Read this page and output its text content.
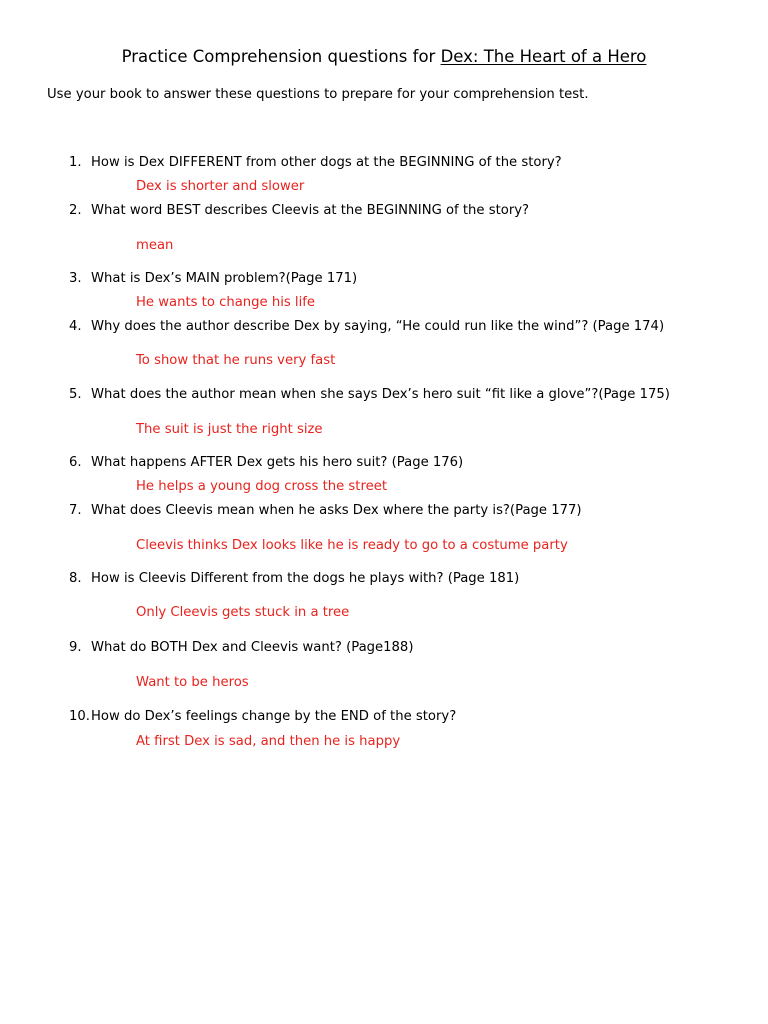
Practice Comprehension questions for Dex: The Heart of a Hero
Use your book to answer these questions to prepare for your comprehension test.
1. How is Dex DIFFERENT from other dogs at the BEGINNING of the story?
Dex is shorter and slower
2. What word BEST describes Cleevis at the BEGINNING of the story?
mean
3. What is Dex’s MAIN problem?(Page 171)
He wants to change his life
4. Why does the author describe Dex by saying, “He could run like the wind”? (Page 174)
To show that he runs very fast
5. What does the author mean when she says Dex’s hero suit “fit like a glove”?(Page 175)
The suit is just the right size
6. What happens AFTER Dex gets his hero suit? (Page 176)
He helps a young dog cross the street
7. What does Cleevis mean when he asks Dex where the party is?(Page 177)
Cleevis thinks Dex looks like he is ready to go to a costume party
8. How is Cleevis Different from the dogs he plays with? (Page 181)
Only Cleevis gets stuck in a tree
9. What do BOTH Dex and Cleevis want? (Page188)
Want to be heros
10.How do Dex’s feelings change by the END of the story?
At first Dex is sad, and then he is happy
